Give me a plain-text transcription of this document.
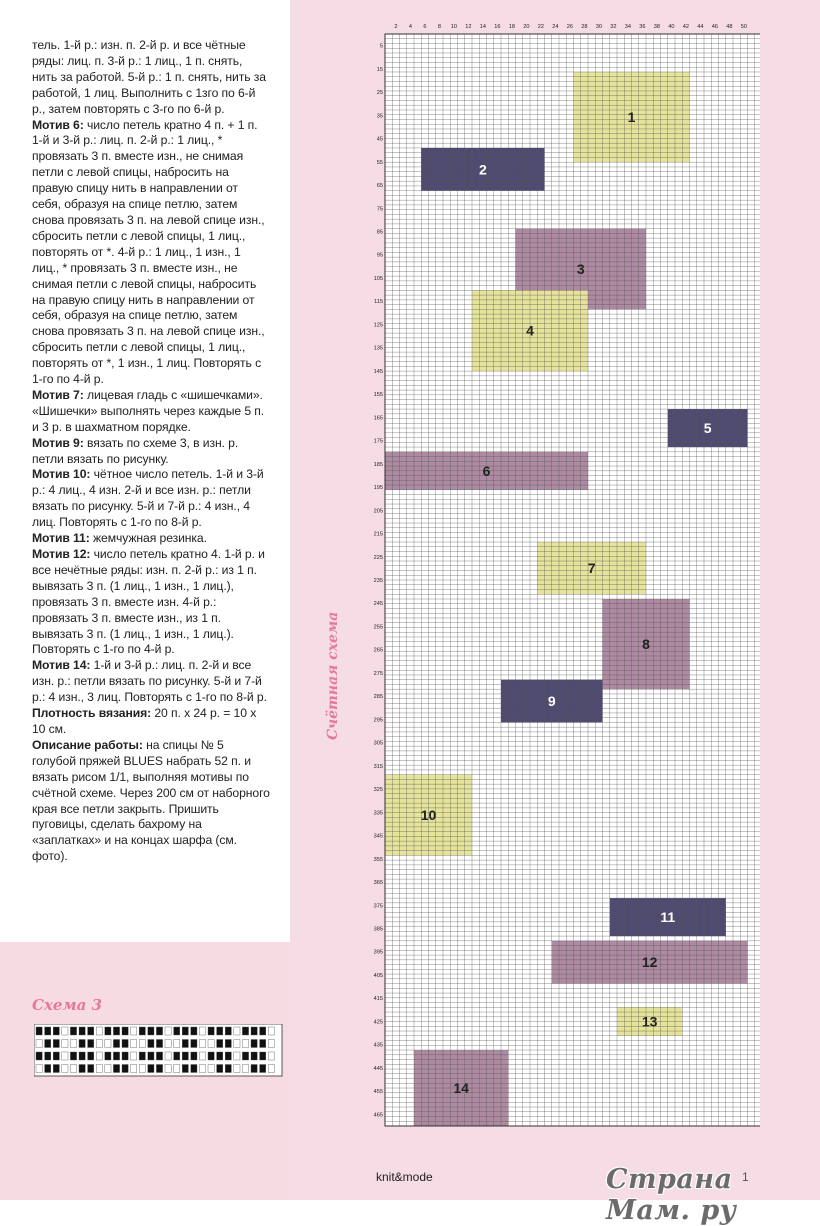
тель. 1-й р.: изн. п. 2-й р. и все чётные ряды: лиц. п. 3-й р.: 1 лиц., 1 п. снять, нить за работой. 5-й р.: 1 п. снять, нить за работой, 1 лиц. Выполнить с 1зго по 6-й р., затем повторять с 3-го по 6-й р.

Мотив 6: число петель кратно 4 п. + 1 п. 1-й и 3-й р.: лиц. п. 2-й р.: 1 лиц., * провязать 3 п. вместе изн., не снимая петли с левой спицы, набросить на правую спицу нить в направлении от себя, образуя на спице петлю, затем снова провязать 3 п. на левой спице изн., сбросить петли с левой спицы, 1 лиц., повторять от *. 4-й р.: 1 лиц., 1 изн., 1 лиц., * провязать 3 п. вместе изн., не снимая петли с левой спицы, набросить на правую спицу нить в направлении от себя, образуя на спице петлю, затем снова провязать 3 п. на левой спице изн., сбросить петли с левой спицы, 1 лиц., повторять от *, 1 изн., 1 лиц. Повторять с 1-го по 4-й р.

Мотив 7: лицевая гладь с «шишечками». «Шишечки» выполнять через каждые 5 п. и 3 р. в шахматном порядке.

Мотив 9: вязать по схеме 3, в изн. р. петли вязать по рисунку.

Мотив 10: чётное число петель. 1-й и 3-й р.: 4 лиц., 4 изн. 2-й и все изн. р.: петли вязать по рисунку. 5-й и 7-й р.: 4 изн., 4 лиц. Повторять с 1-го по 8-й р.

Мотив 11: жемчужная резинка.

Мотив 12: число петель кратно 4. 1-й р. и все нечётные ряды: изн. п. 2-й р.: из 1 п. вывязать 3 п. (1 лиц., 1 изн., 1 лиц.), провязать 3 п. вместе изн. 4-й р.: провязать 3 п. вместе изн., из 1 п. вывязать 3 п. (1 лиц., 1 изн., 1 лиц.). Повторять с 1-го по 4-й р.

Мотив 14: 1-й и 3-й р.: лиц. п. 2-й и все изн. р.: петли вязать по рисунку. 5-й и 7-й р.: 4 изн., 3 лиц. Повторять с 1-го по 8-й р.

Плотность вязания: 20 п. х 24 р. = 10 х 10 см.

Описание работы: на спицы № 5 голубой пряжей BLUES набрать 52 п. и вязать рисом 1/1, выполняя мотивы по счётной схеме. Через 200 см от наборного края все петли закрыть. Пришить пуговицы, сделать бахрому на «заплатках» и на концах шарфа (см. фото).

Схема 3
Счётная схема
1
2
3
4
5
6
7
8
9
10
11
12
13
14
2 4 6 8 10 12 14 16 18 20 22 24 26 28 30 32 34 36 38 40 42 44 46 48 50
5
15
25
35
45
55
65
75
85
95
105
115
125
135
145
155
165
175
185
195
205
215
225
235
245
255
265
275
285
295
305
315
325
335
345
355
365
375
385
395
405
415
425
435
445
455
465
knit&mode	1
Страна Мам. ру
